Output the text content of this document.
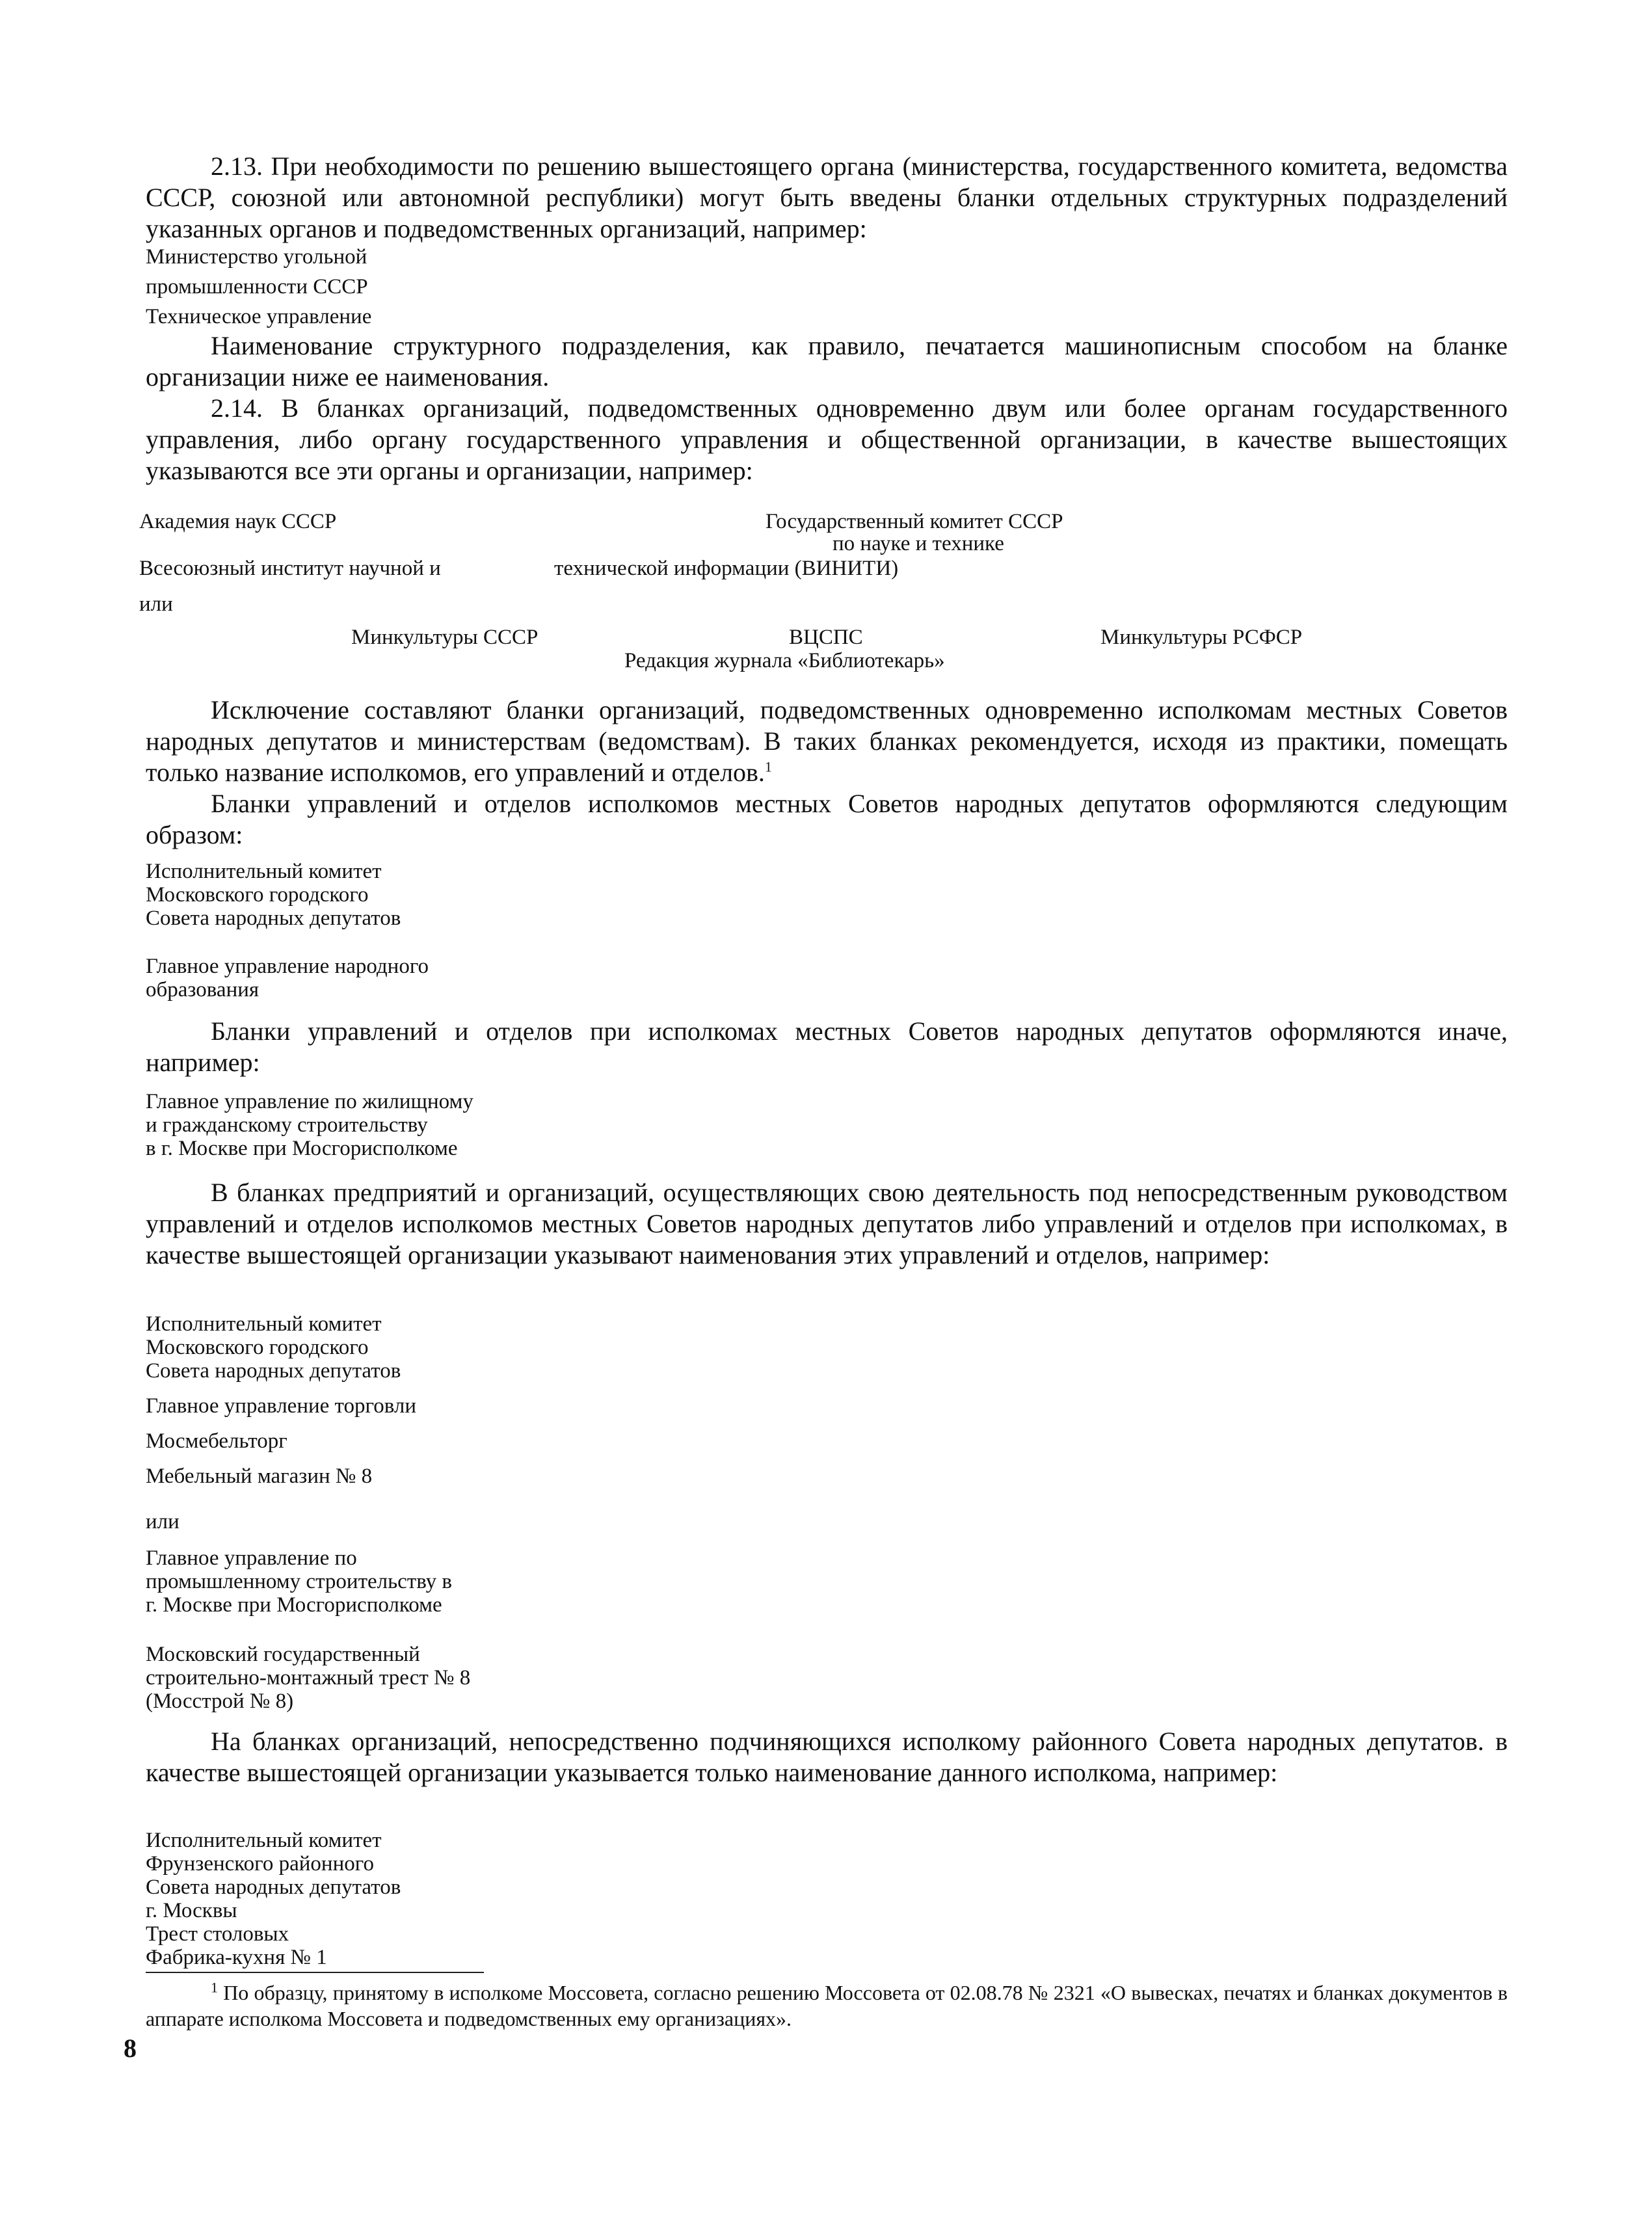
2.13. При необходимости по решению вышестоящего органа (министерства, государственного комитета, ведомства СССР, союзной или автономной республики) могут быть введены бланки отдельных структурных подразделений указанных органов и подведомственных организаций, например:

Министерство угольной
промышленности СССР
Техническое управление

Наименование структурного подразделения, как правило, печатается машинописным способом на бланке организации ниже ее наименования.

2.14. В бланках организаций, подведомственных одновременно двум или более органам государственного управления, либо органу государственного управления и общественной организации, в качестве вышестоящих указываются все эти органы и организации, например:

Академия наук СССР	Государственный комитет СССР
по науке и технике
Всесоюзный институт научной и	технической информации (ВИНИТИ)
или
Минкультуры СССР	ВЦСПС	Минкультуры РСФСР
Редакция журнала «Библиотекарь»

Исключение составляют бланки организаций, подведомственных одновременно исполкомам местных Советов народных депутатов и министерствам (ведомствам). В таких бланках рекомендуется, исходя из практики, помещать только название исполкомов, его управлений и отделов.$^1$

Бланки управлений и отделов исполкомов местных Советов народных депутатов оформляются следующим образом:

Исполнительный комитет
Московского городского
Совета народных депутатов
Главное управление народного
образования

Бланки управлений и отделов при исполкомах местных Советов народных депутатов оформляются иначе, например:

Главное управление по жилищному
и гражданскому строительству
в г. Москве при Мосгорисполкоме

В бланках предприятий и организаций, осуществляющих свою деятельность под непосредственным руководством управлений и отделов исполкомов местных Советов народных депутатов либо управлений и отделов при исполкомах, в качестве вышестоящей организации указывают наименования этих управлений и отделов, например:

Исполнительный комитет
Московского городского
Совета народных депутатов
Главное управление торговли
Мосмебельторг
Мебельный магазин № 8
или
Главное управление по
промышленному строительству в
г. Москве при Мосгорисполкоме
Московский государственный
строительно-монтажный трест № 8
(Мосстрой № 8)

На бланках организаций, непосредственно подчиняющихся исполкому районного Совета народных депутатов. в качестве вышестоящей организации указывается только наименование данного исполкома, например:

Исполнительный комитет
Фрунзенского районного
Совета народных депутатов
г. Москвы
Трест столовых
Фабрика-кухня № 1

$^1$ По образцу, принятому в исполкоме Моссовета, согласно решению Моссовета от 02.08.78 № 2321 «О вывесках, печатях и бланках документов в аппарате исполкома Моссовета и подведомственных ему организациях».

8
